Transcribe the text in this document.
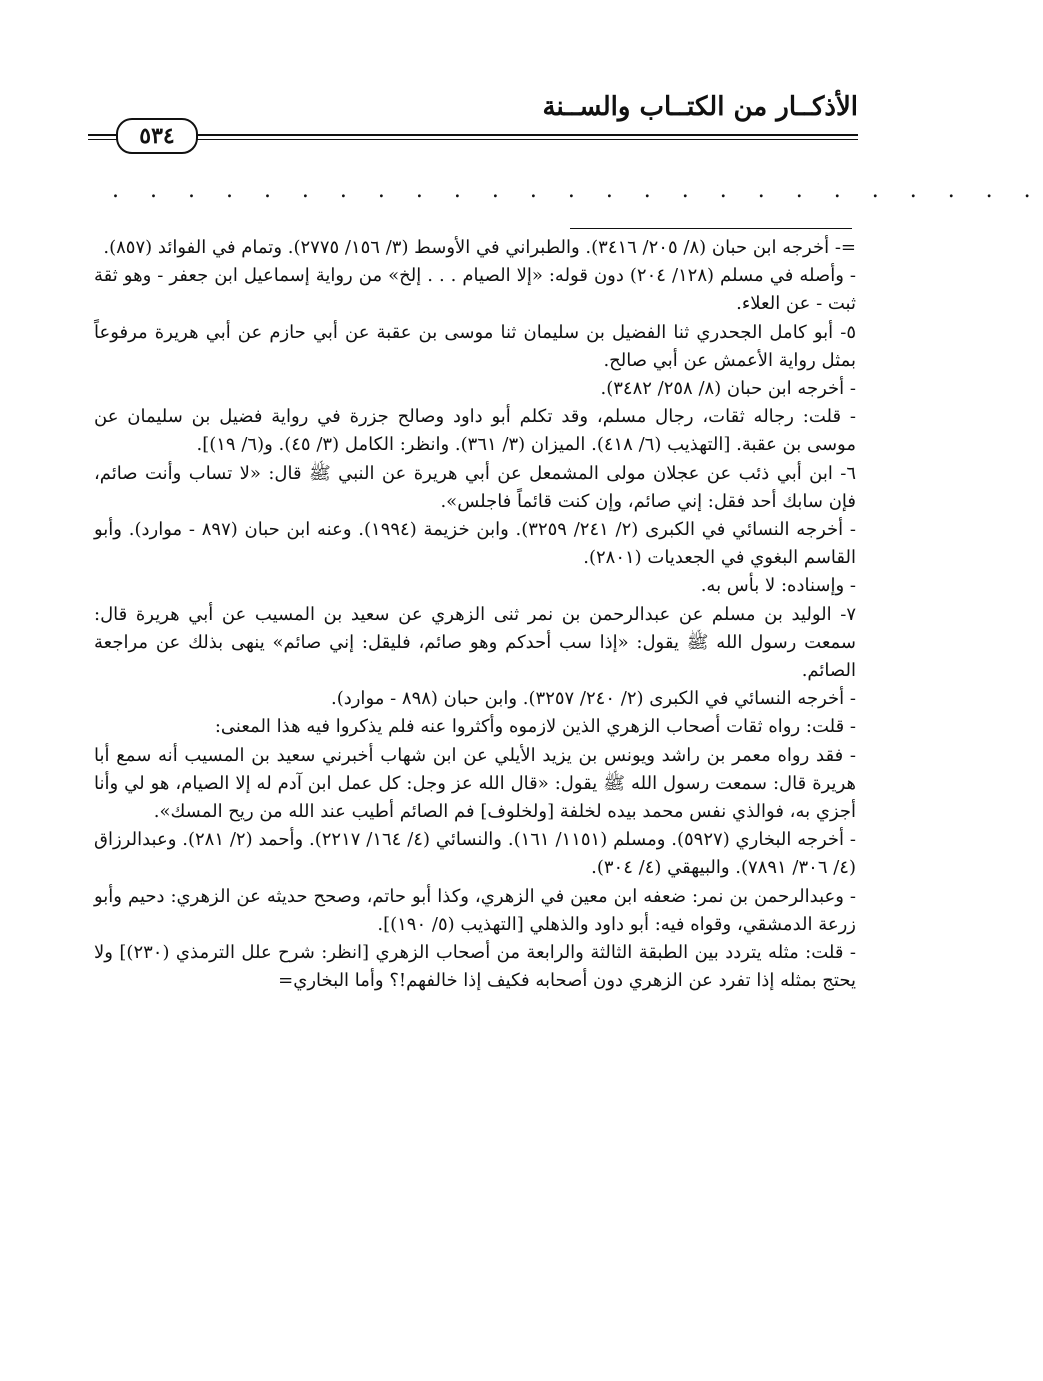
الأذكــار من الكتــاب والســنة
٥٣٤
. . . . . . . . . . . . . . . . . . . . . . . . .

=- أخرجه ابن حبان (٨/ ٢٠٥/ ٣٤١٦). والطبراني في الأوسط (٣/ ١٥٦/ ٢٧٧٥). وتمام في الفوائد (٨٥٧).

- وأصله في مسلم (١٢٨/ ٢٠٤) دون قوله: «إلا الصيام . . . إلخ» من رواية إسماعيل ابن جعفر - وهو ثقة ثبت - عن العلاء.

٥- أبو كامل الجحدري ثنا الفضيل بن سليمان ثنا موسى بن عقبة عن أبي حازم عن أبي هريرة مرفوعاً بمثل رواية الأعمش عن أبي صالح.

- أخرجه ابن حبان (٨/ ٢٥٨/ ٣٤٨٢).

- قلت: رجاله ثقات، رجال مسلم، وقد تكلم أبو داود وصالح جزرة في رواية فضيل بن سليمان عن موسى بن عقبة. [التهذيب (٦/ ٤١٨). الميزان (٣/ ٣٦١). وانظر: الكامل (٣/ ٤٥). و(٦/ ١٩)].

٦- ابن أبي ذئب عن عجلان مولى المشمعل عن أبي هريرة عن النبي ﷺ قال: «لا تساب وأنت صائم، فإن سابك أحد فقل: إني صائم، وإن كنت قائماً فاجلس».

- أخرجه النسائي في الكبرى (٢/ ٢٤١/ ٣٢٥٩). وابن خزيمة (١٩٩٤). وعنه ابن حبان (٨٩٧ - موارد). وأبو القاسم البغوي في الجعديات (٢٨٠١).

- وإسناده: لا بأس به.

٧- الوليد بن مسلم عن عبدالرحمن بن نمر ثنى الزهري عن سعيد بن المسيب عن أبي هريرة قال: سمعت رسول الله ﷺ يقول: «إذا سب أحدكم وهو صائم، فليقل: إني صائم» ينهى بذلك عن مراجعة الصائم.

- أخرجه النسائي في الكبرى (٢/ ٢٤٠/ ٣٢٥٧). وابن حبان (٨٩٨ - موارد).

- قلت: رواه ثقات أصحاب الزهري الذين لازموه وأكثروا عنه فلم يذكروا فيه هذا المعنى:

- فقد رواه معمر بن راشد ويونس بن يزيد الأيلي عن ابن شهاب أخبرني سعيد بن المسيب أنه سمع أبا هريرة قال: سمعت رسول الله ﷺ يقول: «قال الله عز وجل: كل عمل ابن آدم له إلا الصيام، هو لي وأنا أجزي به، فوالذي نفس محمد بيده لخلفة [ولخلوف] فم الصائم أطيب عند الله من ريح المسك».

- أخرجه البخاري (٥٩٢٧). ومسلم (١١٥١/ ١٦١). والنسائي (٤/ ١٦٤/ ٢٢١٧). وأحمد (٢/ ٢٨١). وعبدالرزاق (٤/ ٣٠٦/ ٧٨٩١). والبيهقي (٤/ ٣٠٤).

- وعبدالرحمن بن نمر: ضعفه ابن معين في الزهري، وكذا أبو حاتم، وصحح حديثه عن الزهري: دحيم وأبو زرعة الدمشقي، وقواه فيه: أبو داود والذهلي [التهذيب (٥/ ١٩٠)].

- قلت: مثله يتردد بين الطبقة الثالثة والرابعة من أصحاب الزهري [انظر: شرح علل الترمذي (٢٣٠)] ولا يحتج بمثله إذا تفرد عن الزهري دون أصحابه فكيف إذا خالفهم!؟ وأما البخاري=
